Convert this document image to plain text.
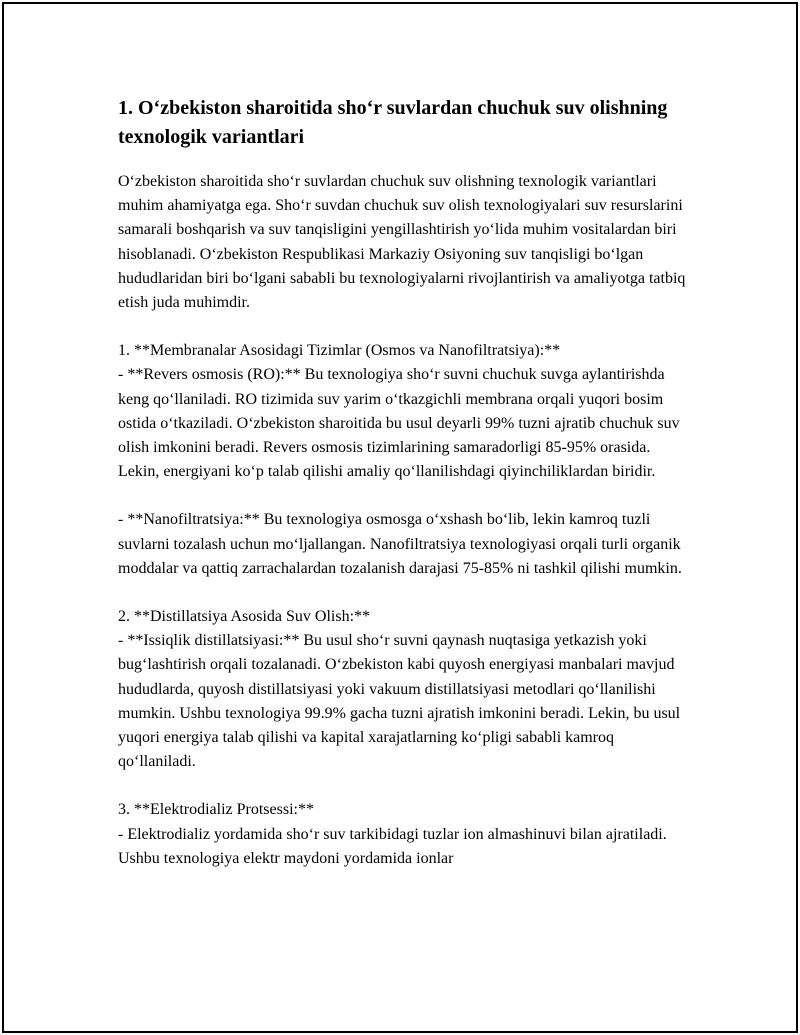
1. O‘zbekiston sharoitida sho‘r suvlardan chuchuk suv olishning texnologik variantlari

O‘zbekiston sharoitida sho‘r suvlardan chuchuk suv olishning texnologik variantlari muhim ahamiyatga ega. Sho‘r suvdan chuchuk suv olish texnologiyalari suv resurslarini samarali boshqarish va suv tanqisligini yengillashtirish yo‘lida muhim vositalardan biri hisoblanadi. O‘zbekiston Respublikasi Markaziy Osiyoning suv tanqisligi bo‘lgan hududlaridan biri bo‘lgani sababli bu texnologiyalarni rivojlantirish va amaliyotga tatbiq etish juda muhimdir.

1. **Membranalar Asosidagi Tizimlar (Osmos va Nanofiltratsiya):**

- **Revers osmosis (RO):** Bu texnologiya sho‘r suvni chuchuk suvga aylantirishda keng qo‘llaniladi. RO tizimida suv yarim o‘tkazgichli membrana orqali yuqori bosim ostida o‘tkaziladi. O‘zbekiston sharoitida bu usul deyarli 99% tuzni ajratib chuchuk suv olish imkonini beradi. Revers osmosis tizimlarining samaradorligi 85-95% orasida. Lekin, energiyani ko‘p talab qilishi amaliy qo‘llanilishdagi qiyinchiliklardan biridir.

- **Nanofiltratsiya:** Bu texnologiya osmosga o‘xshash bo‘lib, lekin kamroq tuzli suvlarni tozalash uchun mo‘ljallangan. Nanofiltratsiya texnologiyasi orqali turli organik moddalar va qattiq zarrachalardan tozalanish darajasi 75-85% ni tashkil qilishi mumkin.

2. **Distillatsiya Asosida Suv Olish:**

- **Issiqlik distillatsiyasi:** Bu usul sho‘r suvni qaynash nuqtasiga yetkazish yoki bug‘lashtirish orqali tozalanadi. O‘zbekiston kabi quyosh energiyasi manbalari mavjud hududlarda, quyosh distillatsiyasi yoki vakuum distillatsiyasi metodlari qo‘llanilishi mumkin. Ushbu texnologiya 99.9% gacha tuzni ajratish imkonini beradi. Lekin, bu usul yuqori energiya talab qilishi va kapital xarajatlarning ko‘pligi sababli kamroq qo‘llaniladi.

3. **Elektrodializ Protsessi:**

- Elektrodializ yordamida sho‘r suv tarkibidagi tuzlar ion almashinuvi bilan ajratiladi. Ushbu texnologiya elektr maydoni yordamida ionlar
